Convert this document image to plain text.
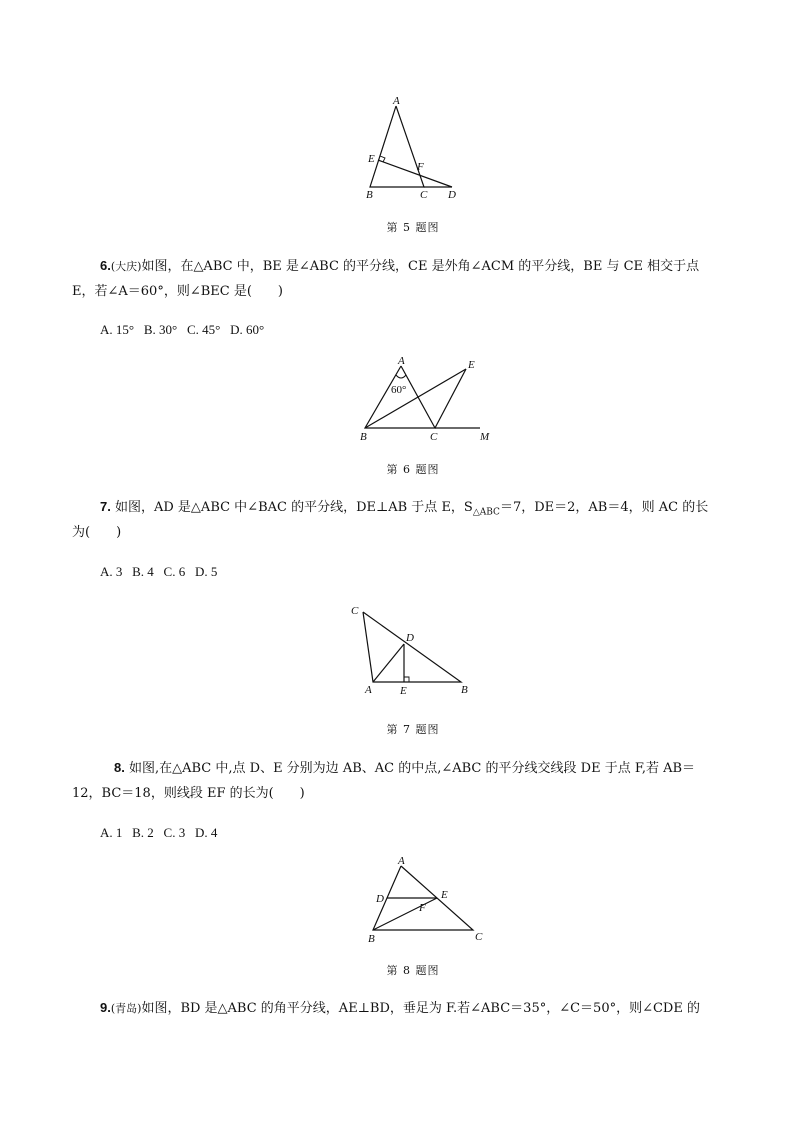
A
E
F
B	C D
第 5 题图
6.(大庆)如图，在△ABC 中，BE 是∠ABC 的平分线，CE 是外角∠ACM 的平分线，BE 与 CE 相交于点
E，若∠A＝60°，则∠BEC 是(　　)
A. 15°   B. 30°   C. 45°   D. 60°
A
60°
E
B	C	M
第 6 题图
7. 如图，AD 是△ABC 中∠BAC 的平分线，DE⊥AB 于点 E，$S_{\triangle ABC}=7$，DE＝2，AB＝4，则 AC 的长
为(　　)
A. 3   B. 4   C. 6   D. 5
C
D
A	E	B
第 7 题图
8. 如图,在△ABC 中,点 D、E 分别为边 AB、AC 的中点,∠ABC 的平分线交线段 DE 于点 F,若 AB＝
12，BC＝18，则线段 EF 的长为(　　)
A. 1   B. 2   C. 3   D. 4
A
D	E
F
B	C
第 8 题图
9.(青岛)如图，BD 是△ABC 的角平分线，AE⊥BD，垂足为 F.若∠ABC＝35°，∠C＝50°，则∠CDE 的
